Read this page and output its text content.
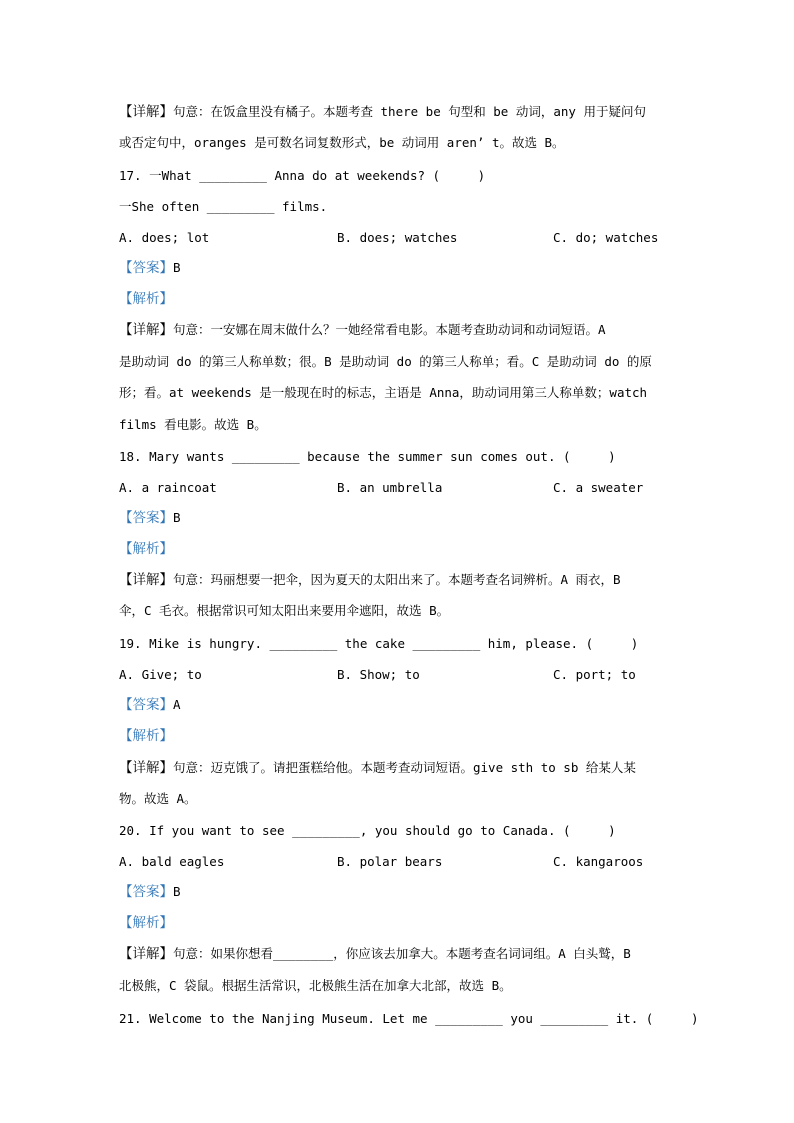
【详解】句意：在饭盒里没有橘子。本题考查 there be 句型和 be 动词，any 用于疑问句
或否定句中，oranges 是可数名词复数形式，be 动词用 aren’ t。故选 B。
17. 一What _________ Anna do at weekends? (     )
一She often _________ films.
A. does; lot	B. does; watches	C. do; watches
【答案】B
【解析】
【详解】句意：一安娜在周末做什么？一她经常看电影。本题考查助动词和动词短语。A
是助动词 do 的第三人称单数；很。B 是助动词 do 的第三人称单；看。C 是助动词 do 的原
形；看。at weekends 是一般现在时的标志，主语是 Anna，助动词用第三人称单数；watch
films 看电影。故选 B。
18. Mary wants _________ because the summer sun comes out. (     )
A. a raincoat	B. an umbrella	C. a sweater
【答案】B
【解析】
【详解】句意：玛丽想要一把伞，因为夏天的太阳出来了。本题考查名词辨析。A 雨衣，B
伞，C 毛衣。根据常识可知太阳出来要用伞遮阳，故选 B。
19. Mike is hungry. _________ the cake _________ him, please. (     )
A. Give; to	B. Show; to	C. port; to
【答案】A
【解析】
【详解】句意：迈克饿了。请把蛋糕给他。本题考查动词短语。give sth to sb 给某人某
物。故选 A。
20. If you want to see _________, you should go to Canada. (     )
A. bald eagles	B. polar bears	C. kangaroos
【答案】B
【解析】
【详解】句意：如果你想看________，你应该去加拿大。本题考查名词词组。A 白头鹫，B
北极熊，C 袋鼠。根据生活常识，北极熊生活在加拿大北部，故选 B。
21. Welcome to the Nanjing Museum. Let me _________ you _________ it. (     )
